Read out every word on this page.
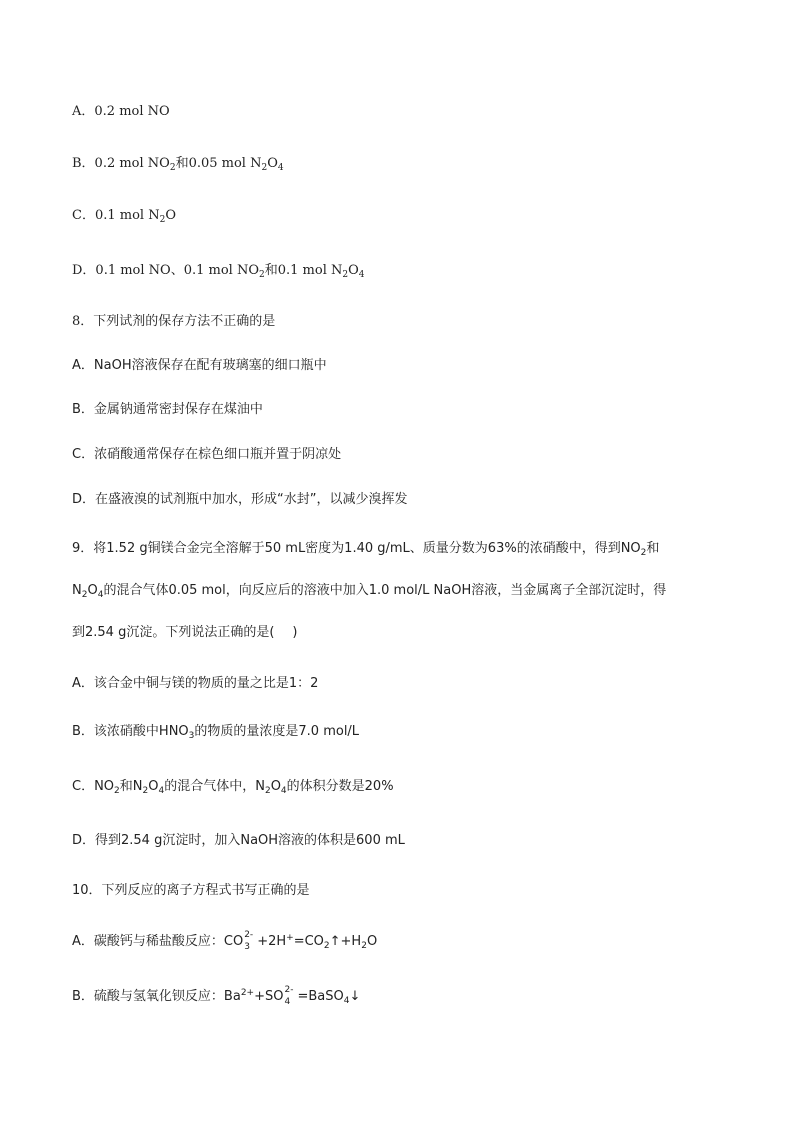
A．0.2 mol NO
B．0.2 mol $NO_2$和0.05 mol $N_2O_4$
C．0.1 mol $N_2O$
D．0.1 mol NO、0.1 mol $NO_2$和0.1 mol $N_2O_4$
8．下列试剂的保存方法不正确的是
A．NaOH溶液保存在配有玻璃塞的细口瓶中
B．金属钠通常密封保存在煤油中
C．浓硝酸通常保存在棕色细口瓶并置于阴凉处
D．在盛液溴的试剂瓶中加水，形成“水封”，以减少溴挥发
9．将1.52 g铜镁合金完全溶解于50 mL密度为1.40 g/mL、质量分数为63%的浓硝酸中，得到$NO_2$和
$N_2O_4$的混合气体0.05 mol，向反应后的溶液中加入1.0 mol/L NaOH溶液，当金属离子全部沉淀时，得
到2.54 g沉淀。下列说法正确的是( )
A．该合金中铜与镁的物质的量之比是1：2
B．该浓硝酸中$HNO_3$的物质的量浓度是7.0 mol/L
C．$NO_2$和$N_2O_4$的混合气体中，$N_2O_4$的体积分数是20%
D．得到2.54 g沉淀时，加入NaOH溶液的体积是600 mL
10．下列反应的离子方程式书写正确的是
A．碳酸钙与稀盐酸反应：CO 2-
$3 +2H^+=CO_2↑+H_2O$
B．硫酸与氢氧化钡反应：$Ba^{2+}+SO$ 2-
4 =BaSO$_4$↓
